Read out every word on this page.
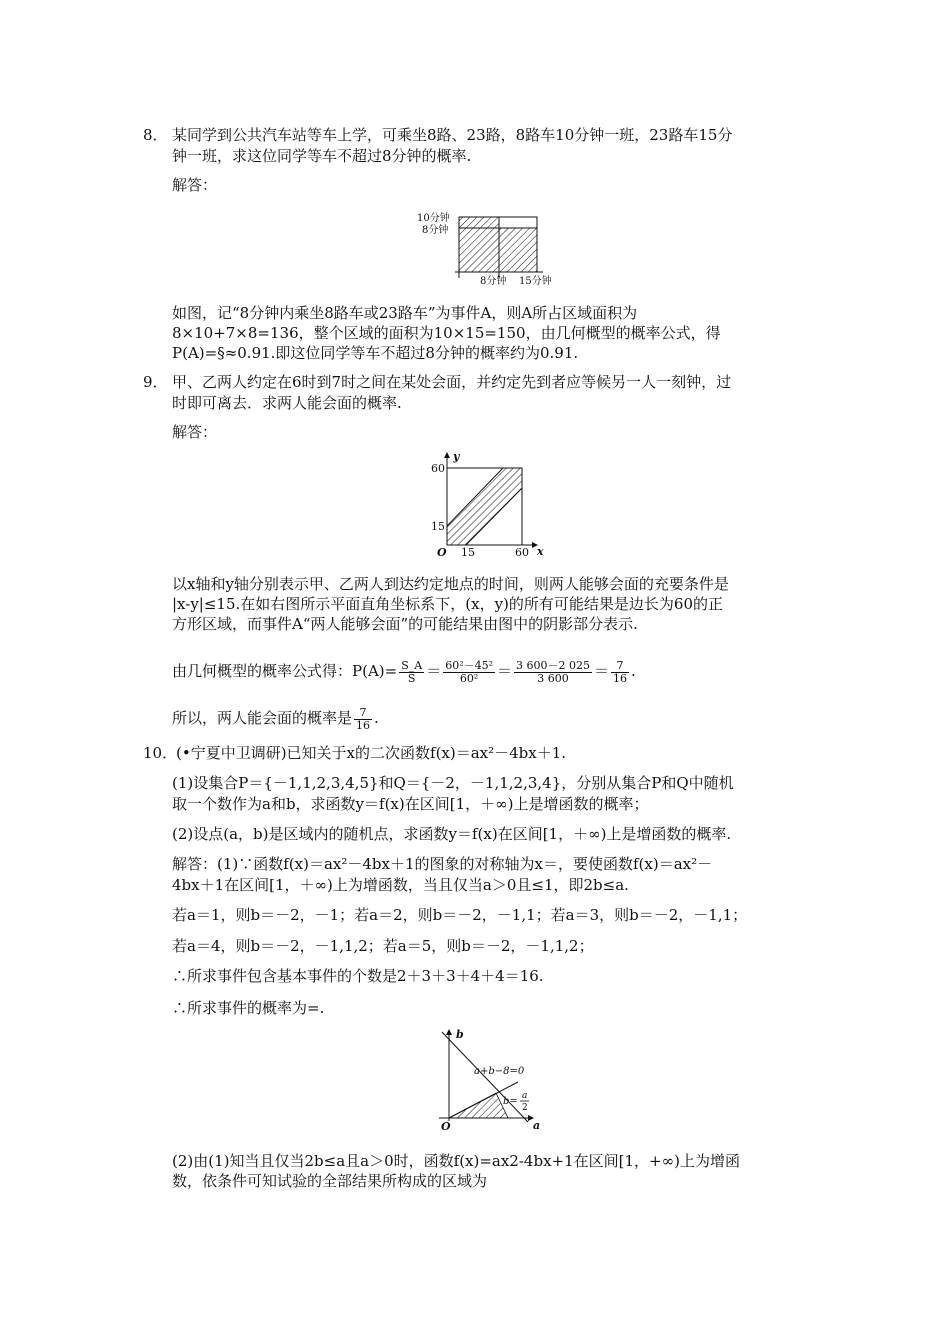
8． 某同学到公共汽车站等车上学，可乘坐8路、23路，8路车10分钟一班，23路车15分
钟一班，求这位同学等车不超过8分钟的概率.
解答：
10分钟
8分钟
8分钟 15分钟
如图，记“8分钟内乘坐8路车或23路车”为事件A，则A所占区域面积为
8×10+7×8=136，整个区域的面积为10×15=150，由几何概型的概率公式，得
P(A)=§≈0.91.即这位同学等车不超过8分钟的概率约为0.91.
9． 甲、乙两人约定在6时到7时之间在某处会面，并约定先到者应等候另一人一刻钟，过
时即可离去．求两人能会面的概率.
解答：
y
x
O
60
15
15	60
以x轴和y轴分别表示甲、乙两人到达约定地点的时间，则两人能够会面的充要条件是
|x-y|≤15.在如右图所示平面直角坐标系下，(x，y)的所有可能结果是边长为60的正
方形区域，而事件A“两人能够会面”的可能结果由图中的阴影部分表示.
由几何概型的概率公式得：$P(A)= \frac{S\_A}{S} = \frac{\text{60²－45²}}{\text{60²}} = \frac{3 600-2 025}{3 600} = \frac{7}{16}$ .
所以，两人能会面的概率是 $\frac{7}{16}$ .
10．
(•宁夏中卫调研)已知关于x的二次函数f(x)＝ax²－4bx＋1.
(1)设集合P＝{－1,1,2,3,4,5}和Q＝{－2，－1,1,2,3,4}，分别从集合P和Q中随机
取一个数作为a和b，求函数y＝f(x)在区间[1，＋∞)上是增函数的概率；
(2)设点(a，b)是区域内的随机点，求函数y＝f(x)在区间[1，＋∞)上是增函数的概率.
解答：(1)∵函数f(x)＝ax²－4bx＋1的图象的对称轴为x＝，要使函数f(x)＝ax²－
4bx＋1在区间[1，＋∞)上为增函数，当且仅当a＞0且≤1，即2b≤a.
若a＝1，则b＝－2，－1；若a＝2，则b＝－2，－1,1；若a＝3，则b＝－2，－1,1；
若a＝4，则b＝－2，－1,1,2；若a＝5，则b＝－2，－1,1,2；
∴所求事件包含基本事件的个数是2＋3＋3＋4＋4＝16.
∴所求事件的概率为=.
b
a
O
a+b−8=0
b= a
2
(2)由(1)知当且仅当2b≤a且a＞0时，函数f(x)=ax2-4bx+1在区间[1，+∞)上为增函
数，依条件可知试验的全部结果所构成的区域为
